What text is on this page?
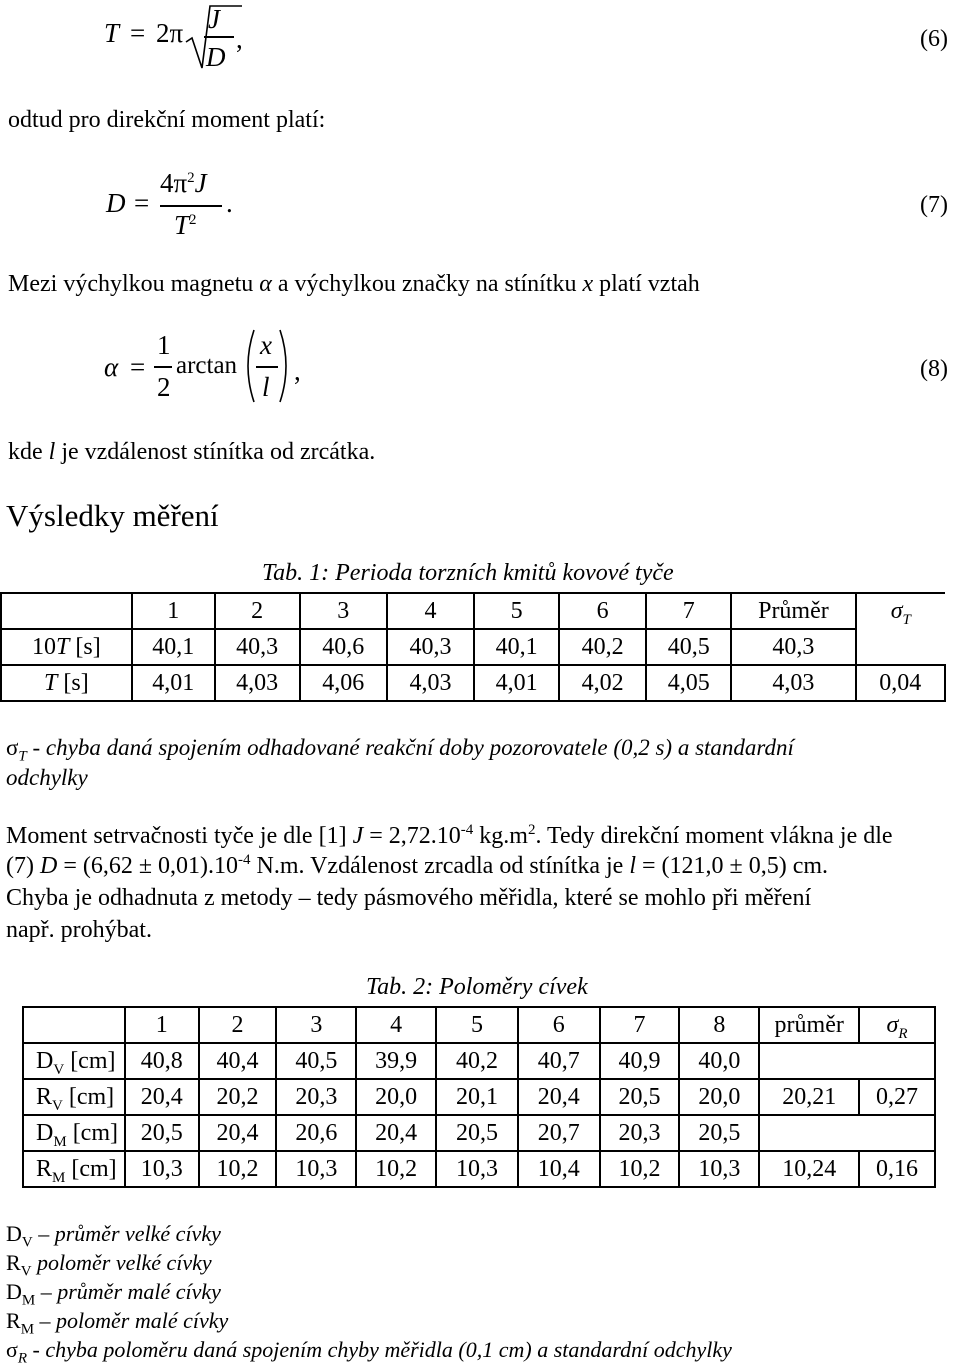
T = 2π J
D
,	(6)
odtud pro direkční moment platí:
D =
$4\pi^2J$
$T^2$
.	(7)
Mezi výchylkou magnetu α a výchylkou značky na stínítku x platí vztah
α =
1
2
arctan
x
l
,	(8)
kde l je vzdálenost stínítka od zrcátka.
Výsledky měření
Tab. 1: Perioda torzních kmitů kovové tyče
	1	2	3	4	5	6	7	Průměr	$\sigma_T$
10T [s]	40,1	40,3	40,6	40,3	40,1	40,2	40,5	40,3	
T [s]	4,01	4,03	4,06	4,03	4,01	4,02	4,05	4,03	0,04
$\sigma_T$ - chyba daná spojením odhadované reakční doby pozorovatele (0,2 s) a standardní
odchylky
Moment setrvačnosti tyče je dle [1] $J = 2,72.10^{-4}$ $kg.m^2$. Tedy direkční moment vlákna je dle
(7) $D = (6,62 \pm 0,01).10^{-4}$ N.m. Vzdálenost zrcadla od stínítka je l = (121,0 ± 0,5) cm.
Chyba je odhadnuta z metody – tedy pásmového měřidla, které se mohlo při měření
např. prohýbat.
Tab. 2: Poloměry cívek
	1	2	3	4	5	6	7	8	průměr	$\sigma_R$
$D_V$ [cm]	40,8	40,4	40,5	39,9	40,2	40,7	40,9	40,0		
$R_V$ [cm]	20,4	20,2	20,3	20,0	20,1	20,4	20,5	20,0	20,21	0,27
$D_M$ [cm]	20,5	20,4	20,6	20,4	20,5	20,7	20,3	20,5		
$R_M$ [cm]	10,3	10,2	10,3	10,2	10,3	10,4	10,2	10,3	10,24	0,16
$D_V$ – průměr velké cívky
$R_V$ poloměr velké cívky
$D_M$ – průměr malé cívky
$R_M$ – poloměr malé cívky
$\sigma_R$ - chyba poloměru daná spojením chyby měřidla (0,1 cm) a standardní odchylky
